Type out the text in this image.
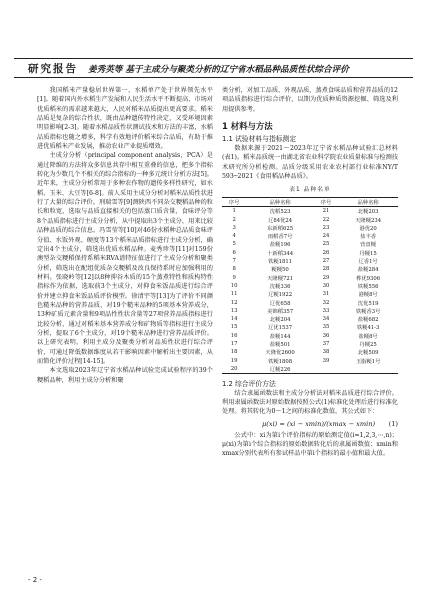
研究报告 姜秀英等 基于主成分与聚类分析的辽宁省水稻品种品质性状综合评价

我国稻米产量稳居世界第一，水稻单产处于世界领先水平[1]。随着国内外水稻生产发展和人民生活水平不断提高，市场对优质稻米的需求越来越大，人民对稻米品质提出更高要求。稻米品质是复杂的综合性状，既由品种遗传特性决定，又受环境因素明显影响[2-3]。随着水稻品质性状测试技术和方法的丰富，水稻品质指标也随之增多，科学有效地评价稻米综合品质，有助于推进优质稻米产业发展，推动农业产业提质增效。

主成分分析（principal component analysis，PCA）是通过降维的方法将众多信息共存中相互重叠的信息，把多个指标转化为少数几个不相关的综合指标的一种多元统计分析方法[5]。近年来，主成分分析常用于多种农作物的遗传多样性研究，如水稻、玉米、大豆等[6-8]。前人采用主成分分析对稻米品质性状进行了大量的综合评价。刑瑞雪等[9]测陕西不同杂交粳稻品种的粒长和粒宽，选取与品质直接相关的包括蒸口质含量、食味评分等8个品质指标进行主成分分析，从中提取出3个主成分，用来比较品种品质的综合信息。冯雪莹等[10]对46份水稻种总品质食味评分值、水饭外观、硬度等13个稻米品质指标进行主成分分析，确定出4个主成分，筛选出优质水稻品种。麦秀珍等[11]对159份澳型杂交粳稻保持系稻米RVA谱特征值进行了主成分分析和聚类分析，筛选出在配组优质杂交粳稻及改良保持系时应加强利用的材料。张晓岭等[12]以8种抑谷木质的15个蒸煮特性和质构特性指标作为依据，选取前3个主成分，对抑食米饭品质进行综合评价并建立抑食米饭品质评价模型。徐清宇等[13]为了评价不同颜色糙米品种的营养品质，对19个糙米品种的5项基本营养成分，13种矿质元素含量和9项品性性状含量等27项营养品质指标进行比较分析，通过对稻米基本营养成分和矿物质等指标进行主成分分析，提取了6个主成分，对19个糙米品种进行营养品质评价。以上研究表明，利用主成分及聚类分析对品质性状进行综合评价，可通过降低数据维度从若干影响因素中解析出主要因素，从而简化评价过程[14-15]。

本文选取2023年辽宁省水稻品种试验完成试验程序的39个粳稻品种，利用主成分分析和聚

类分析，对加工品质、外观品质、蒸煮食味品质和营养品质的12项品质指标进行综合评价，以期为优质种质资源挖掘、筛选及利用提供参考。

1 材料与方法
1.1 试验材料与指标测定

数据来源于2021～2023年辽宁省水稻品种试验汇总材料(表1)。稻米品质统一由湖北省农业科学院农业质量标准与检测技术研究所分析检测。品质分级采用农业农村部行业标准NY/T 593─2021《食用稻品种品质》。

表1 品种名单
序号	品种名称	序号	品种名称
1	沈稻523	21	北粳203
2	辽84优24	22	天隆粳234
3	东新稻625	23	港优20
4	雨稻香7号	24	盐丰香
5	盐粳196	25	营盘粳
6	十新稻344	26	丹粳15
7	铁粳1811	27	辽香1号
8	粳粳50	28	盐粳284
9	天隆粳721	29	桦优9306
10	沈粳336	30	铁粳556
11	辽粳1922	31	港粳8号
12	辽优658	32	沈优519
13	美锦稻357	33	铁粳香3号
14	北粳204	34	盐粳682
15	辽优1537	35	铁粳41-3
16	盐粳144	36	盐粳8号
17	盐粳501	37	丹粳25
18	天隆优2600	38	北粳509
19	铁粳1808	39	玉脂粳1号
20	辽粳226		
1.2 综合评价方法

结合隶属函数法和主成分分析法对稻米品质进行综合评价。利用隶属函数法对原始数据按照公式(1)标准化处理后进行标准化处理。将其转化为0～1之间的标准化数值，其公式如下：

μ(xi) = (xi − xmin)/(xmax − xmin) (1)

公式中：xi为第i个评价指标的原始测定值(i=1,2,3,⋯,n)；μ(xi)为第i个综合指标的原始数据转化后的隶属函数值；xmin和xmax分别代表所有参试样品中第i个指标的最小值和最大值。

- 2 -
